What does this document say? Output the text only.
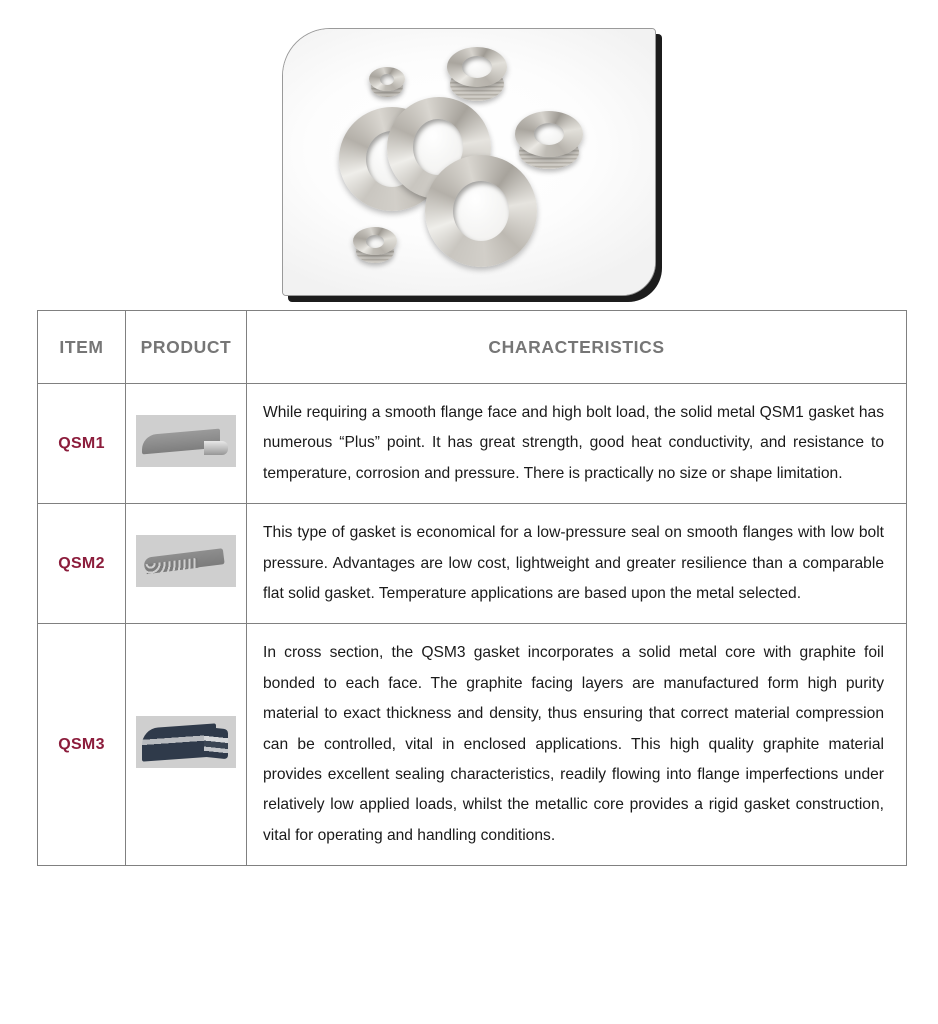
ITEM	PRODUCT	CHARACTERISTICS
QSM1		While requiring a smooth flange face and high bolt load, the solid metal QSM1 gasket has numerous “Plus” point. It has great strength, good heat conductivity, and resistance to temperature, corrosion and pressure. There is practically no size or shape limitation.
QSM2		This type of gasket is economical for a low-pressure seal on smooth flanges with low bolt pressure. Advantages are low cost, lightweight and greater resilience than a comparable flat solid gasket. Temperature applications are based upon the metal selected.
QSM3		In cross section, the QSM3 gasket incorporates a solid metal core with graphite foil bonded to each face. The graphite facing layers are manufactured form high purity material to exact thickness and density, thus ensuring that correct material compression can be controlled, vital in enclosed applications. This high quality graphite material provides excellent sealing characteristics, readily flowing into flange imperfections under relatively low applied loads, whilst the metallic core provides a rigid gasket construction, vital for operating and handling conditions.
